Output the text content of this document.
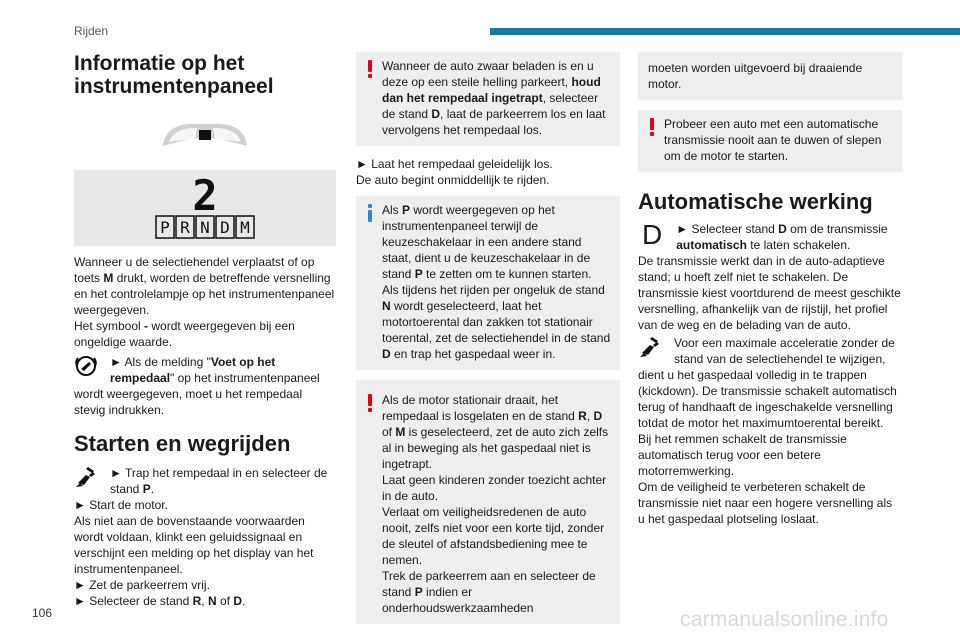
Rijden
Informatie op het instrumentenpaneel
2
P R N D M

Wanneer u de selectiehendel verplaatst of op toets M drukt, worden de betreffende versnelling en het controlelampje op het instrumentenpaneel weergegeven.
Het symbool - wordt weergegeven bij een ongeldige waarde.

► Als de melding "Voet op het rempedaal" op het instrumentenpaneel wordt weergegeven, moet u het rempedaal stevig indrukken.

Starten en wegrijden

► Trap het rempedaal in en selecteer de stand P.

► Start de motor.

Als niet aan de bovenstaande voorwaarden wordt voldaan, klinkt een geluidssignaal en verschijnt een melding op het display van het instrumentenpaneel.

► Zet de parkeerrem vrij.

► Selecteer de stand R, N of D.

Wanneer de auto zwaar beladen is en u deze op een steile helling parkeert, houd dan het rempedaal ingetrapt, selecteer de stand D, laat de parkeerrem los en laat vervolgens het rempedaal los.

► Laat het rempedaal geleidelijk los.

De auto begint onmiddellijk te rijden.

Als P wordt weergegeven op het instrumentenpaneel terwijl de keuzeschakelaar in een andere stand staat, dient u de keuzeschakelaar in de stand P te zetten om te kunnen starten.
Als tijdens het rijden per ongeluk de stand N wordt geselecteerd, laat het motortoerental dan zakken tot stationair toerental, zet de selectiehendel in de stand D en trap het gaspedaal weer in.

Als de motor stationair draait, het rempedaal is losgelaten en de stand R, D of M is geselecteerd, zet de auto zich zelfs al in beweging als het gaspedaal niet is ingetrapt.
Laat geen kinderen zonder toezicht achter in de auto.
Verlaat om veiligheidsredenen de auto nooit, zelfs niet voor een korte tijd, zonder de sleutel of afstandsbediening mee te nemen.
Trek de parkeerrem aan en selecteer de stand P indien er onderhoudswerkzaamheden

moeten worden uitgevoerd bij draaiende motor.

Probeer een auto met een automatische transmissie nooit aan te duwen of slepen om de motor te starten.

Automatische werking
D	► Selecteer stand D om de transmissie automatisch te laten schakelen.

De transmissie werkt dan in de auto-adaptieve stand; u hoeft zelf niet te schakelen. De transmissie kiest voortdurend de meest geschikte versnelling, afhankelijk van de rijstijl, het profiel van de weg en de belading van de auto.

Voor een maximale acceleratie zonder de stand van de selectiehendel te wijzigen, dient u het gaspedaal volledig in te trappen (kickdown). De transmissie schakelt automatisch terug of handhaaft de ingeschakelde versnelling totdat de motor het maximumtoerental bereikt.

Bij het remmen schakelt de transmissie automatisch terug voor een betere motorremwerking.

Om de veiligheid te verbeteren schakelt de transmissie niet naar een hogere versnelling als u het gaspedaal plotseling loslaat.

106	carmanualsonline.info
